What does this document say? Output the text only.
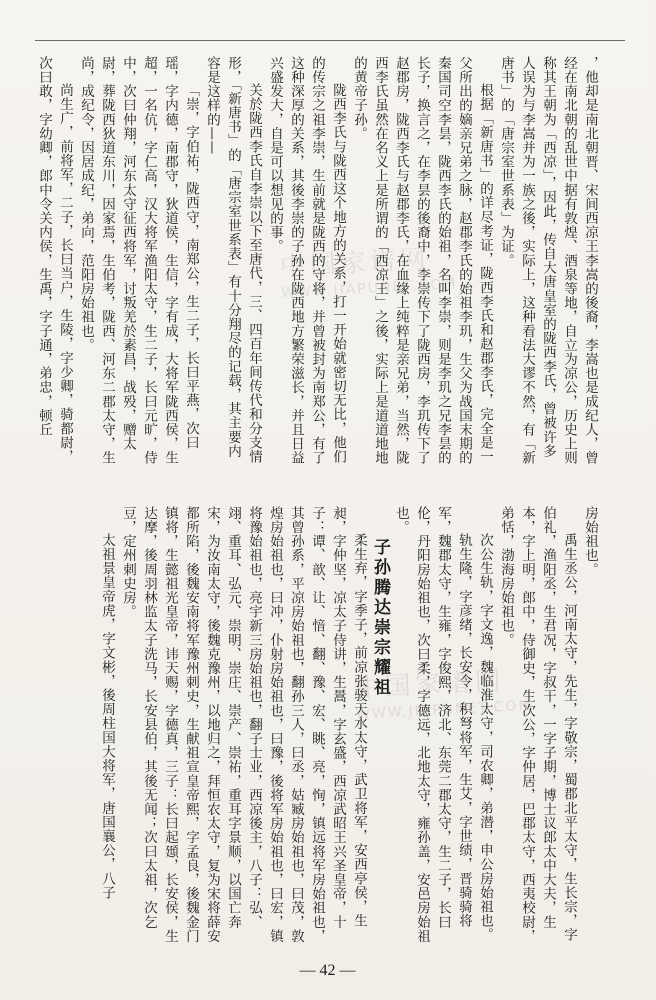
中国家谱网
WWW.JIAPUNET.COM
中国家谱网
WWW.JIAPUNET.COM

，他却是南北朝晋、宋间西凉王李嵩的後裔，李嵩也是成纪人，曾经在南北朝的乱世中据有敦煌、酒泉等地，自立为凉公，历史上则称其王朝为「西凉」，因此，传自大唐皇室的陇西李氏，曾被许多人误为与李嵩并为一族之後，实际上，这种看法大谬不然，有「新唐书」的「唐宗室世系表」为证。

根据「新唐书」的详尽考证，陇西李氏和赵郡李氏，完全是一父所出的嫡亲兄弟之脉，赵郡李氏的始祖李玑，生父为战国末期的秦国司空李昙，陇西李氏的始祖，名叫李崇，则是李玑之兄李昙的长子，换言之，在李昙的後裔中，李崇传下了陇西房，李玑传下了赵郡房，陇西李氏与赵郡李氏，在血缘上纯粹是亲兄弟，当然，陇西李氏虽然在名义上是所谓的「西凉王」之後，实际上是道道地地的黄帝子孙。

陇西李氏与陇西这个地方的关系，打一开始就密切无比，他们的传宗之祖李崇，生前就是陇西的守将，并曾被封为南郑公，有了这种深厚的关系，其後李崇的子孙在陇西地方繁荣滋长，并且日益兴盛发大，自是可以想见的事。

关於陇西李氏自李崇以下至唐代，三、四百年间传代和分支情形，「新唐书」的「唐宗室世系表」有十分翔尽的记载，其主要内容是这样的——

「崇，字伯祐，陇西守，南郑公，生二子，长曰平燕，次曰瑶，字内德，南郡守，狄道侯，生信，字有成，大将军陇西侯，生超，一名伉，字仁高，汉大将军渔阳太守，生二子，长曰元旷，侍中，次曰仲翔，河东太守征西将军，讨叛羌於素昌，战殁，赠太尉，葬陇西狄道东川，因家焉，生伯考，陇西、河东二郡太守，生尚，成纪令，因居成纪，弟向，范阳房始祖也。

尚生广，前将军，二子，长曰当户，生陵，字少卿，骑都尉，次曰敢，字幼卿，郎中令关内侯，生禹，字子通，弟忠，顿丘

房始祖也。

禹生丞公，河南太守，先生，字敬宗，蜀郡北平太守，生长宗，字伯礼，渔阳丞，生君况，字叔干，一字子期，博士议郎太中大夫，生本，字上明，郎中，侍御史，生次公，字仲居，巴郡太守，西夷校尉，弟恬，渤海房始祖也。

次公生轨，字文逸，魏临淮太守，司农卿，弟潜，申公房始祖也。

轨生隆，字彦绪，长安令，积弩将军，生艾，字世绩，晋骑骑将军，魏郡太守，生雍，字俊熙，济北、东莞二郡太守，生二子，长曰伦，丹阳房始祖也，次曰柔，字德远，北地太守，雍孙盖，安邑房始祖也。

子孙腾达崇宗耀祖

柔生弃，字季子，前凉张骏天水太守，武卫将军，安西亭侯，生昶，字仲坚，凉太子侍讲，生暠，字玄盛，西凉武昭王兴圣皇帝，十子：谭、歆、让、愔、翻、豫、宏、眺、亮，恂，镇远将军房始祖也，其曾孙系，平凉房始祖也，翻孙三人，曰丞，姑臧房始祖也，曰茂，敦煌房始祖也，曰冲，仆射房始祖也，曰豫，後将军房始祖也，曰宏，镇将豫始祖也，亮宇新三房始祖也，翻子士业，西凉後主，八子：弘、翊、重耳、弘元、崇明、崇庄、崇产、崇祐，重耳字景顺，以国亡奔宋，为汝南太守，後魏克豫州，以地归之，拜恒农太守，复为宋将薛安都所陷，後魏安南将军豫州刺史，生献祖宣皇帝熙，字孟良，後魏金门镇将，生懿祖光皇帝，讳天赐，字德真，三子：长曰起頲，长安侯，生达摩，後周羽林监太子洗马，长安县伯，其後无闻；次曰太祖，次乞豆，定州刺史房。

太祖景皇帝虎，字文彬，後周柱国大将军，唐国襄公，八子

— 42 —
